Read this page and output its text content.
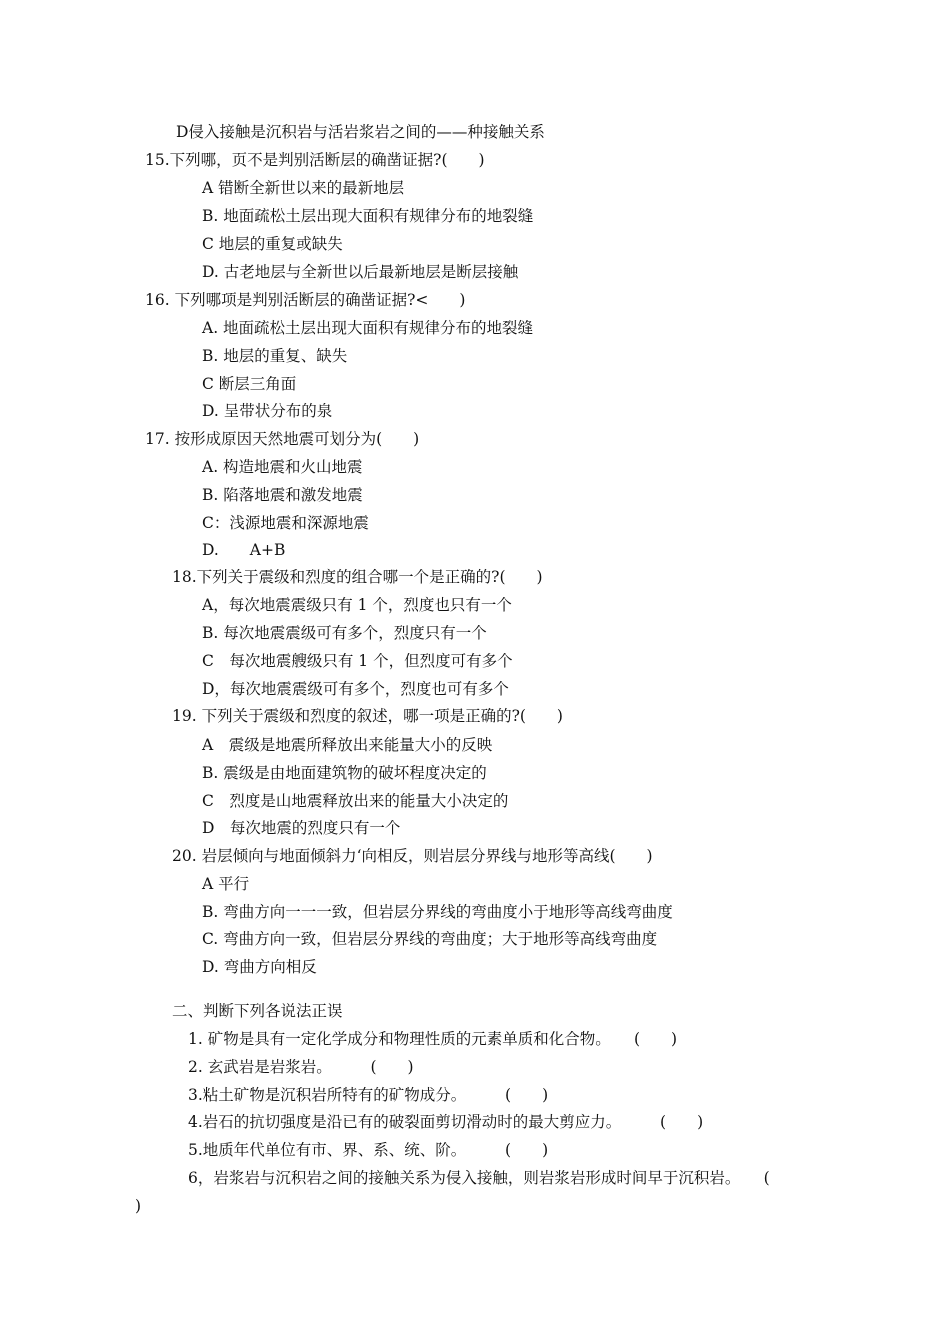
D侵入接触是沉积岩与活岩浆岩之间的——种接触关系
15.下列哪，页不是判别活断层的确凿证据?(　　)
A 错断全新世以来的最新地层
B. 地面疏松土层出现大面积有规律分布的地裂缝
C 地层的重复或缺失
D. 古老地层与全新世以后最新地层是断层接触
16. 下列哪项是判别活断层的确凿证据?<　　)
A. 地面疏松土层出现大面积有规律分布的地裂缝
B. 地层的重复、缺失
C 断层三角面
D. 呈带状分布的泉
17. 按形成原因天然地震可划分为(　　)
A. 构造地震和火山地震
B. 陷落地震和激发地震
C：浅源地震和深源地震
D.　　A+B
18.下列关于震级和烈度的组合哪一个是正确的?(　　)
A，每次地震震级只有 1 个，烈度也只有一个
B. 每次地震震级可有多个，烈度只有一个
C　每次地震艘级只有 1 个，但烈度可有多个
D，每次地震震级可有多个，烈度也可有多个
19. 下列关于震级和烈度的叙述，哪一项是正确的?(　　)
A　震级是地震所释放出来能量大小的反映
B. 震级是由地面建筑物的破坏程度决定的
C　烈度是山地震释放出来的能量大小决定的
D　每次地震的烈度只有一个
20. 岩层倾向与地面倾斜力‘向相反，则岩层分界线与地形等高线(　　)
A 平行
B. 弯曲方向一一一致，但岩层分界线的弯曲度小于地形等高线弯曲度
C. 弯曲方向一致，但岩层分界线的弯曲度；大于地形等高线弯曲度
D. 弯曲方向相反
二、判断下列各说法正误
1. 矿物是具有一定化学成分和物理性质的元素单质和化合物。　　(　　)
2. 玄武岩是岩浆岩。　　　(　　)
3.粘土矿物是沉积岩所特有的矿物成分。　　　(　　)
4.岩石的抗切强度是沿已有的破裂面剪切滑动时的最大剪应力。　　　(　　)
5.地质年代单位有市、界、系、统、阶。　　　(　　)
6，岩浆岩与沉积岩之间的接触关系为侵入接触，则岩浆岩形成时间早于沉积岩。　　(
)
